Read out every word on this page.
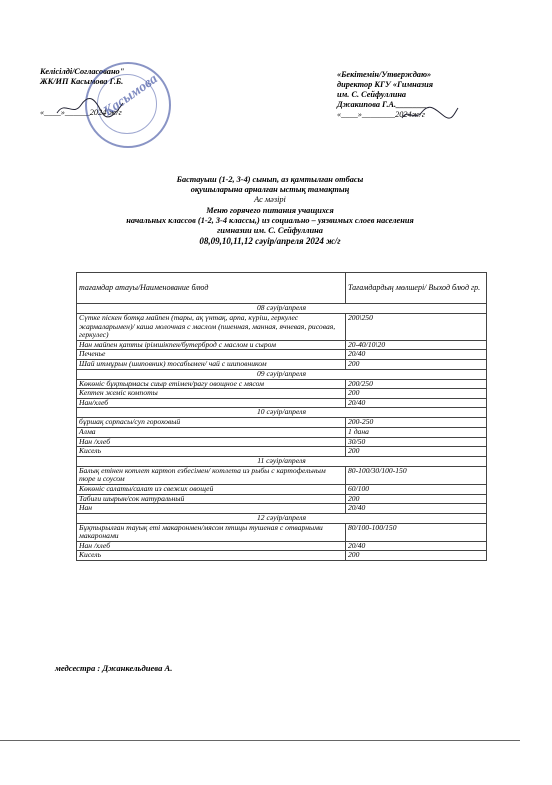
Келісілді/Согласовано"
ЖК/ИП Касымова Г.Б.
«____»______2024 ж/г
Касымова	«Бекітемін/Утверждаю»
директор КГУ «Гимназия
им. С. Сейфуллина
Джакипова Г.А.________
«____»________2024ж/г
Бастауыш (1-2, 3-4) сынып, аз қамтылған отбасы
оқушыларына арналған ыстық тамақтың
Ас мәзірі
Меню горячего питания учащихся
начальных классов (1-2, 3-4 классы,) из социально – уязвимых слоев населения
гимназии им. С. Сейфуллина
08,09,10,11,12 сәуір/апреля 2024 ж/г
тағамдар атауы/Наименование блюд	Тағамдардың мөлшері/ Выход блюд гр.
08 сәуір/апреля	
Сүтке піскен ботқа майпен (тары, ақ үнтақ, арпа, күріш, геркулес жармаларымен)/ каша молочная с маслом (пшенная, манная, ячневая, рисовая, геркулес)	200\250
Нан майпен қатты ірімшікпен/бутерброд с маслом и сыром	20-40/10\20
Печенье	20/40
Шай итмұрын (шиповник) тосабымен/ чай с шиповником	200
09 сәуір/апреля	
Көкөніс бұқтырмасы сиыр етімен/рагу овощное с мясом	200/250
Кептен жеміс компоты	200
Нан/хлеб	20/40
10 сәуір/апреля	
бұршақ сорпасы/суп гороховый	200-250
Алма	1 дана
Нан /хлеб	30/50
Кисель	200
11 сәуір/апреля	
Балық етінен котлет картоп езбесімен/ котлета из рыбы с картофельным пюре и соусом	80-100/30/100-150
Көкөніс салаты/салат из свежих овощей	60/100
Табиғи шырын/сок натуральный	200
Нан	20/40
12 сәуір/апреля	
Бұқтырылған тауық еті макаронмен/мясом птицы тушеная с отварными макаронами	80/100-100/150
Нан /хлеб	20/40
Кисель	200
медсестра : Джанкельдиева А.
